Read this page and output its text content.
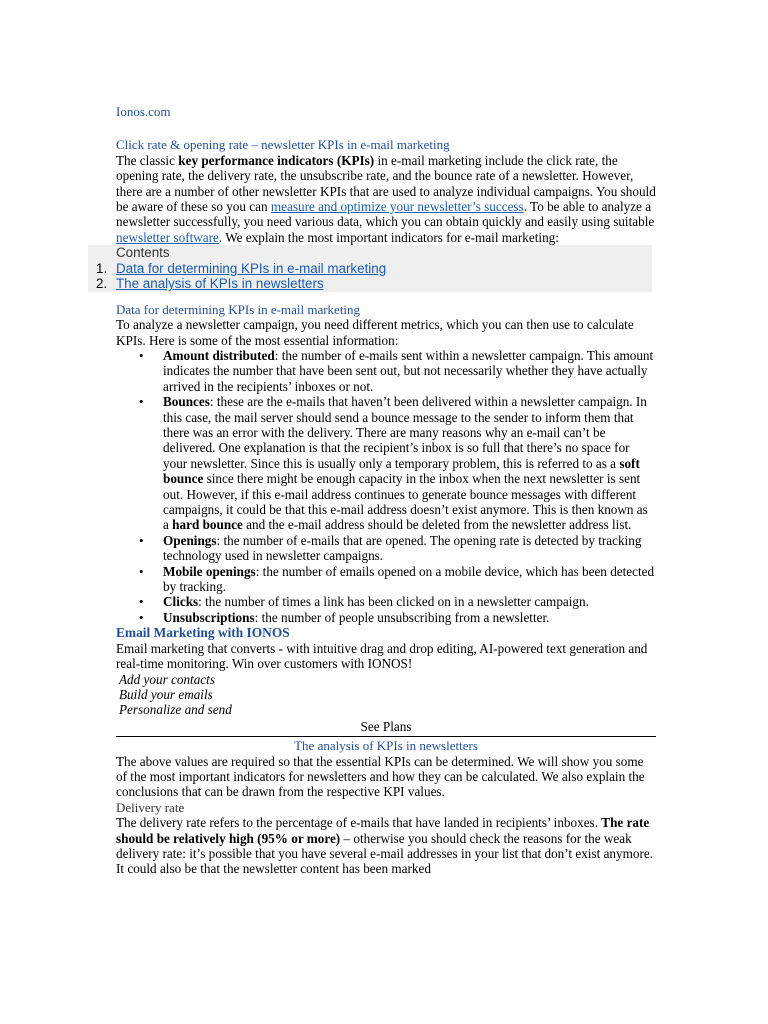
Ionos.com

Click rate & opening rate – newsletter KPIs in e-mail marketing

The classic key performance indicators (KPIs) in e-mail marketing include the click rate, the opening rate, the delivery rate, the unsubscribe rate, and the bounce rate of a newsletter. However, there are a number of other newsletter KPIs that are used to analyze individual campaigns. You should be aware of these so you can measure and optimize your newsletter’s success. To be able to analyze a newsletter successfully, you need various data, which you can obtain quickly and easily using suitable newsletter software. We explain the most important indicators for e-mail marketing:

Contents
1. Data for determining KPIs in e-mail marketing
2. The analysis of KPIs in newsletters

Data for determining KPIs in e-mail marketing

To analyze a newsletter campaign, you need different metrics, which you can then use to calculate KPIs. Here is some of the most essential information:

• Amount distributed: the number of e-mails sent within a newsletter campaign. This amount indicates the number that have been sent out, but not necessarily whether they have actually arrived in the recipients’ inboxes or not.
• Bounces: these are the e-mails that haven’t been delivered within a newsletter campaign. In this case, the mail server should send a bounce message to the sender to inform them that there was an error with the delivery. There are many reasons why an e-mail can’t be delivered. One explanation is that the recipient’s inbox is so full that there’s no space for your newsletter. Since this is usually only a temporary problem, this is referred to as a soft bounce since there might be enough capacity in the inbox when the next newsletter is sent out. However, if this e-mail address continues to generate bounce messages with different campaigns, it could be that this e-mail address doesn’t exist anymore. This is then known as a hard bounce and the e-mail address should be deleted from the newsletter address list.
• Openings: the number of e-mails that are opened. The opening rate is detected by tracking technology used in newsletter campaigns.
• Mobile openings: the number of emails opened on a mobile device, which has been detected by tracking.
• Clicks: the number of times a link has been clicked on in a newsletter campaign.
• Unsubscriptions: the number of people unsubscribing from a newsletter.

Email Marketing with IONOS

Email marketing that converts - with intuitive drag and drop editing, AI-powered text generation and real-time monitoring. Win over customers with IONOS!

Add your contacts

Build your emails

Personalize and send

See Plans

The analysis of KPIs in newsletters

The above values are required so that the essential KPIs can be determined. We will show you some of the most important indicators for newsletters and how they can be calculated. We also explain the conclusions that can be drawn from the respective KPI values.

Delivery rate

The delivery rate refers to the percentage of e-mails that have landed in recipients’ inboxes. The rate should be relatively high (95% or more) – otherwise you should check the reasons for the weak delivery rate: it’s possible that you have several e-mail addresses in your list that don’t exist anymore. It could also be that the newsletter content has been marked
